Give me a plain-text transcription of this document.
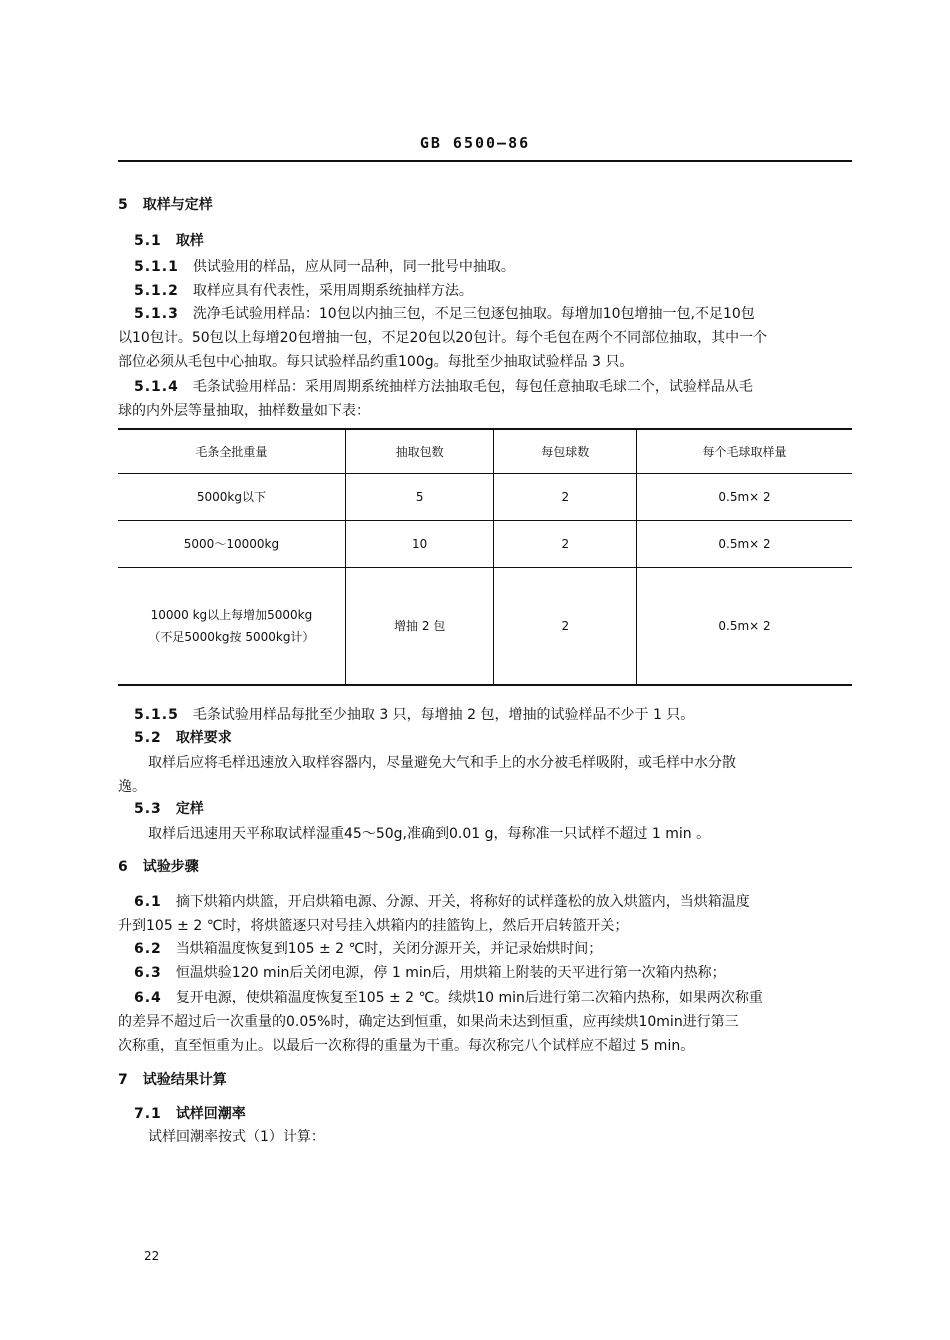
GB 6500—86
5 取样与定样
5.1 取样
5.1.1 供试验用的样品，应从同一品种，同一批号中抽取。
5.1.2 取样应具有代表性，采用周期系统抽样方法。
5.1.3 洗净毛试验用样品：10包以内抽三包，不足三包逐包抽取。每增加10包增抽一包,不足10包
以10包计。50包以上每增20包增抽一包，不足20包以20包计。每个毛包在两个不同部位抽取，其中一个
部位必须从毛包中心抽取。每只试验样品约重100g。每批至少抽取试验样品 3 只。
5.1.4 毛条试验用样品：采用周期系统抽样方法抽取毛包，每包任意抽取毛球二个，试验样品从毛
球的内外层等量抽取，抽样数量如下表：
毛条全批重量	抽取包数	每包球数	每个毛球取样量
5000kg以下	5	2	0.5m× 2
5000～10000kg	10	2	0.5m× 2

10000 kg以上每增加5000kg
（不足5000kg按 5000kg计）	增抽 2 包	2	0.5m× 2
5.1.5 毛条试验用样品每批至少抽取 3 只，每增抽 2 包，增抽的试验样品不少于 1 只。
5.2 取样要求
取样后应将毛样迅速放入取样容器内，尽量避免大气和手上的水分被毛样吸附，或毛样中水分散
逸。
5.3 定样
取样后迅速用天平称取试样湿重45～50g,准确到0.01 g，每称准一只试样不超过 1 min 。
6 试验步骤
6.1 摘下烘箱内烘篮，开启烘箱电源、分源、开关，将称好的试样蓬松的放入烘篮内，当烘箱温度
升到105 ± 2 ℃时，将烘篮逐只对号挂入烘箱内的挂篮钩上，然后开启转篮开关；
6.2 当烘箱温度恢复到105 ± 2 ℃时，关闭分源开关，并记录始烘时间；
6.3 恒温烘验120 min后关闭电源，停 1 min后，用烘箱上附装的天平进行第一次箱内热称；
6.4 复开电源，使烘箱温度恢复至105 ± 2 ℃。续烘10 min后进行第二次箱内热称，如果两次称重
的差异不超过后一次重量的0.05%时，确定达到恒重，如果尚未达到恒重，应再续烘10min进行第三
次称重，直至恒重为止。以最后一次称得的重量为干重。每次称完八个试样应不超过 5 min。
7 试验结果计算
7.1 试样回潮率
试样回潮率按式（1）计算：
22
